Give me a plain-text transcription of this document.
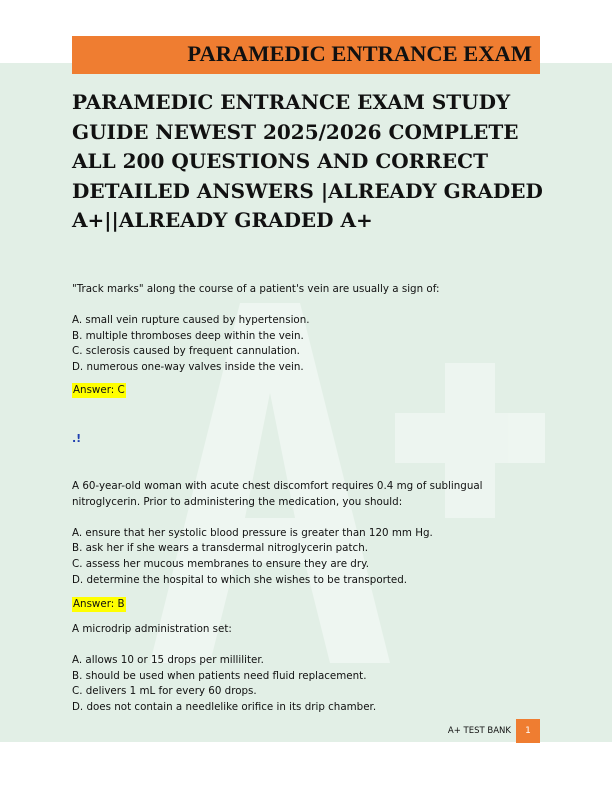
PARAMEDIC ENTRANCE EXAM
PARAMEDIC ENTRANCE EXAM STUDY GUIDE NEWEST 2025/2026 COMPLETE ALL 200 QUESTIONS AND CORRECT DETAILED ANSWERS |ALREADY GRADED A+||ALREADY GRADED A+

"Track marks" along the course of a patient's vein are usually a sign of:

A. small vein rupture caused by hypertension.

B. multiple thromboses deep within the vein.

C. sclerosis caused by frequent cannulation.

D. numerous one-way valves inside the vein.

Answer: C
.!

A 60-year-old woman with acute chest discomfort requires 0.4 mg of sublingual nitroglycerin. Prior to administering the medication, you should:

A. ensure that her systolic blood pressure is greater than 120 mm Hg.

B. ask her if she wears a transdermal nitroglycerin patch.

C. assess her mucous membranes to ensure they are dry.

D. determine the hospital to which she wishes to be transported.

Answer: B

A microdrip administration set:

A. allows 10 or 15 drops per milliliter.

B. should be used when patients need fluid replacement.

C. delivers 1 mL for every 60 drops.

D. does not contain a needlelike orifice in its drip chamber.

A+ TEST BANK	1
